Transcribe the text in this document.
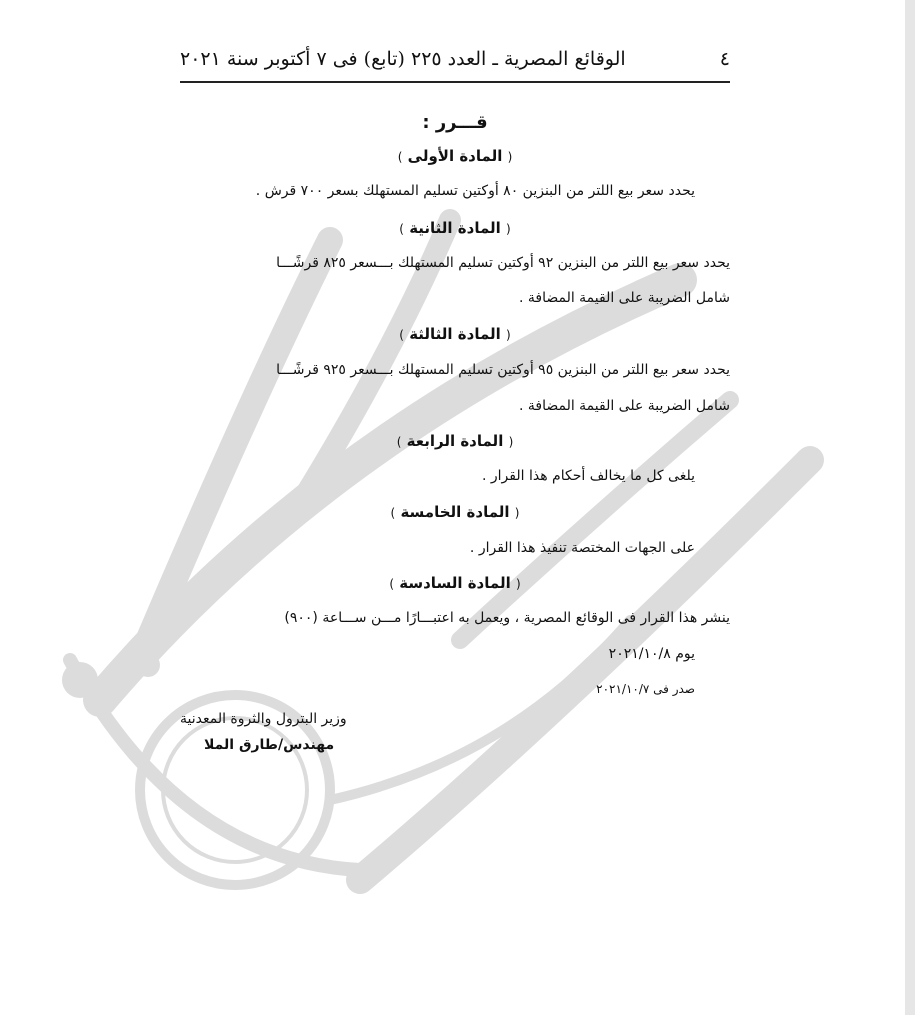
٤
الوقائع المصرية ـ العدد ٢٢٥ (تابع) فى ٧ أكتوبر سنة ٢٠٢١
قـــرر :
( المادة الأولى )
يحدد سعر بيع اللتر من البنزين ٨٠ أوكتين تسليم المستهلك بسعر ٧٠٠ قرش .
( المادة الثانية )
يحدد سعر بيع اللتر من البنزين ٩٢ أوكتين تسليم المستهلك بـــسعر ٨٢٥ قرشًـــا
شامل الضريبة على القيمة المضافة .
( المادة الثالثة )
يحدد سعر بيع اللتر من البنزين ٩٥ أوكتين تسليم المستهلك بـــسعر ٩٢٥ قرشًـــا
شامل الضريبة على القيمة المضافة .
( المادة الرابعة )
يلغى كل ما يخالف أحكام هذا القرار .
( المادة الخامسة )
على الجهات المختصة تنفيذ هذا القرار .
( المادة السادسة )
ينشر هذا القرار فى الوقائع المصرية ، ويعمل به اعتبـــارًا مـــن ســـاعة (٩٠٠)
يوم ٢٠٢١/١٠/٨
صدر فى ٢٠٢١/١٠/٧
وزير البترول والثروة المعدنية
مهندس/طارق الملا
